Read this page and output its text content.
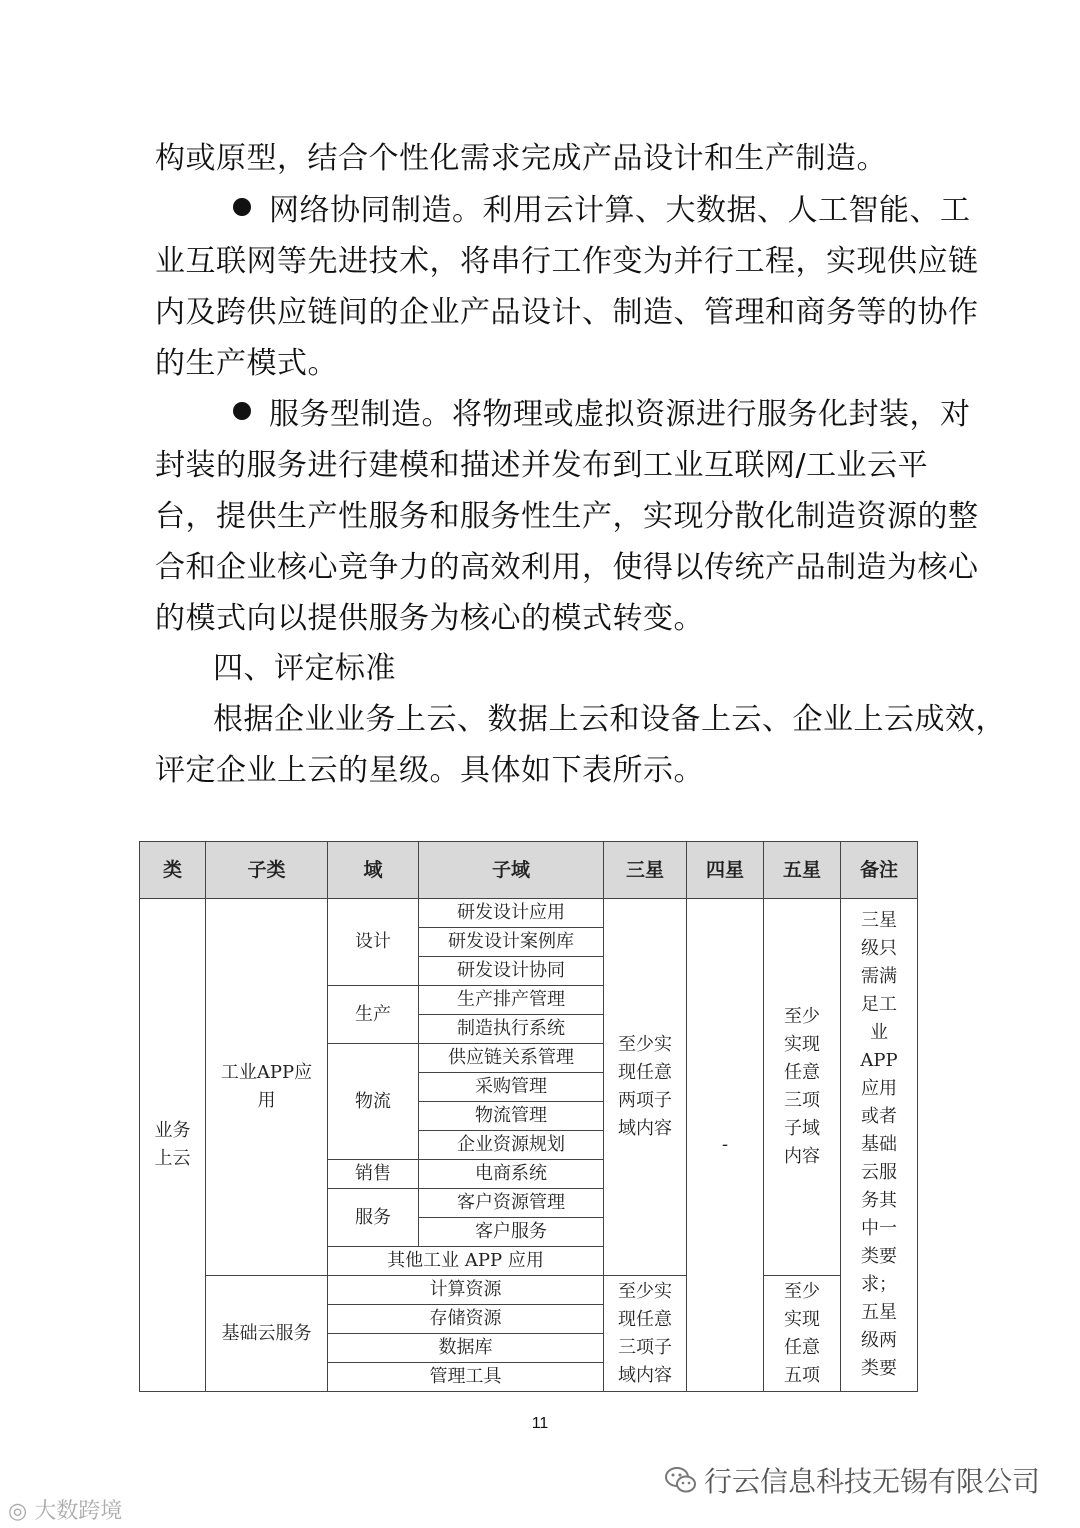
构或原型，结合个性化需求完成产品设计和生产制造。
网络协同制造。利用云计算、大数据、人工智能、工
业互联网等先进技术，将串行工作变为并行工程，实现供应链
内及跨供应链间的企业产品设计、制造、管理和商务等的协作
的生产模式。
服务型制造。将物理或虚拟资源进行服务化封装，对
封装的服务进行建模和描述并发布到工业互联网/工业云平
台，提供生产性服务和服务性生产，实现分散化制造资源的整
合和企业核心竞争力的高效利用，使得以传统产品制造为核心
的模式向以提供服务为核心的模式转变。
四、评定标准
根据企业业务上云、数据上云和设备上云、企业上云成效，
评定企业上云的星级。具体如下表所示。
类	子类	域	子域	三星	四星	五星	备注
业务上云	工业APP应用	设计	研发设计应用	至少实现任意两项子域内容	-	至少实现任意三项子域内容	三星级只需满足工业APP应用或者基础云服务其中一类要求；五星级两类要
			研发设计案例库				
			研发设计协同				
		生产	生产排产管理				
			制造执行系统				
		物流	供应链关系管理				
			采购管理				
			物流管理				
			企业资源规划				
		销售	电商系统				
		服务	客户资源管理				
			客户服务				
		其他工业 APP 应用					
	基础云服务	计算资源		至少实现任意三项子域内容		至少实现任意五项	
		存储资源					
		数据库					
		管理工具					
11
行云信息科技无锡有限公司
◎ 大数跨境
